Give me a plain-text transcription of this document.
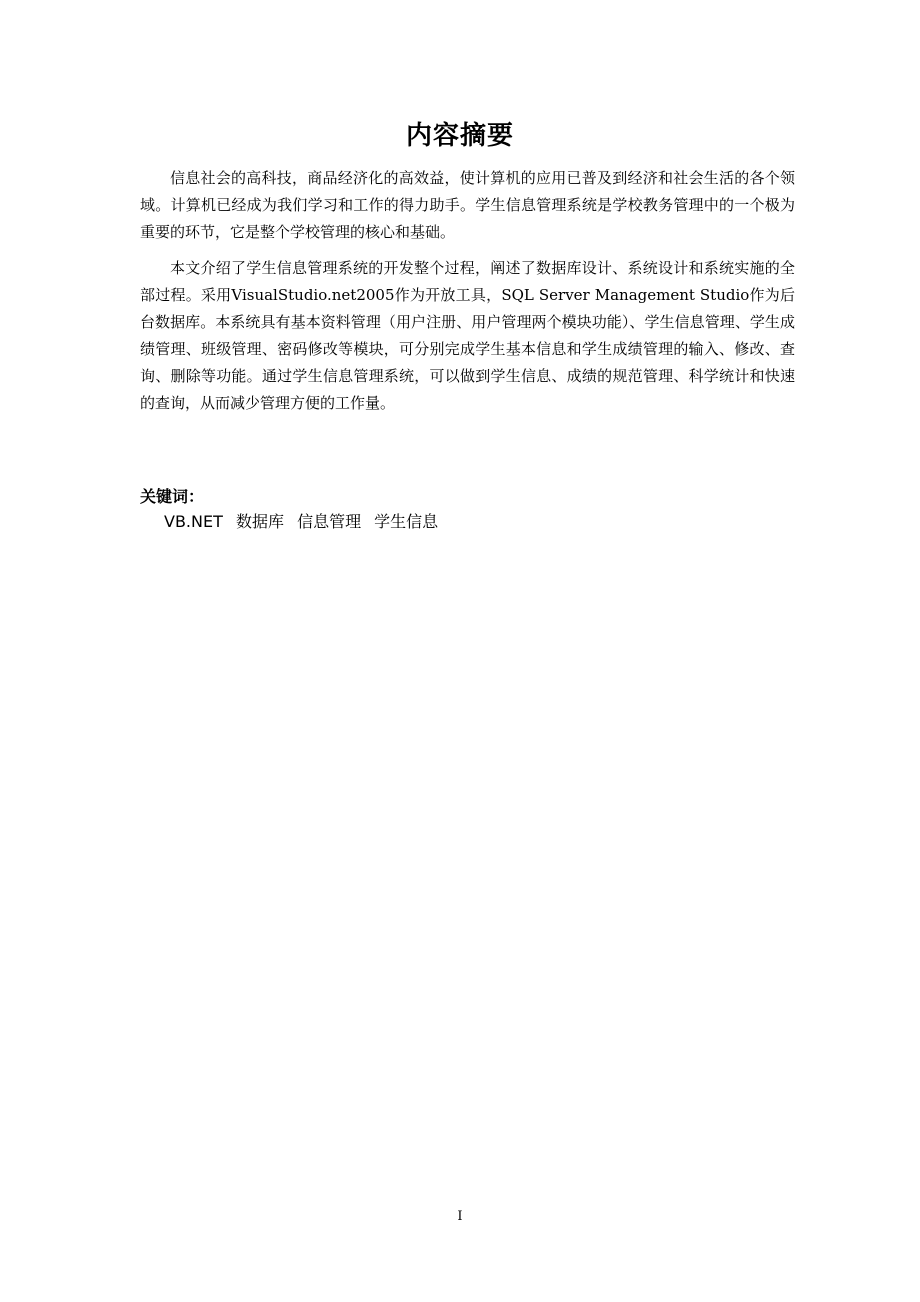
内容摘要

信息社会的高科技，商品经济化的高效益，使计算机的应用已普及到经济和社会生活的各个领域。计算机已经成为我们学习和工作的得力助手。学生信息管理系统是学校教务管理中的一个极为重要的环节，它是整个学校管理的核心和基础。

本文介绍了学生信息管理系统的开发整个过程，阐述了数据库设计、系统设计和系统实施的全部过程。采用VisualStudio.net2005作为开放工具，SQL Server Management Studio作为后台数据库。本系统具有基本资料管理（用户注册、用户管理两个模块功能）、学生信息管理、学生成绩管理、班级管理、密码修改等模块，可分别完成学生基本信息和学生成绩管理的输入、修改、查询、删除等功能。通过学生信息管理系统，可以做到学生信息、成绩的规范管理、科学统计和快速的查询，从而减少管理方便的工作量。

关键词：
VB.NET 数据库 信息管理 学生信息
I
